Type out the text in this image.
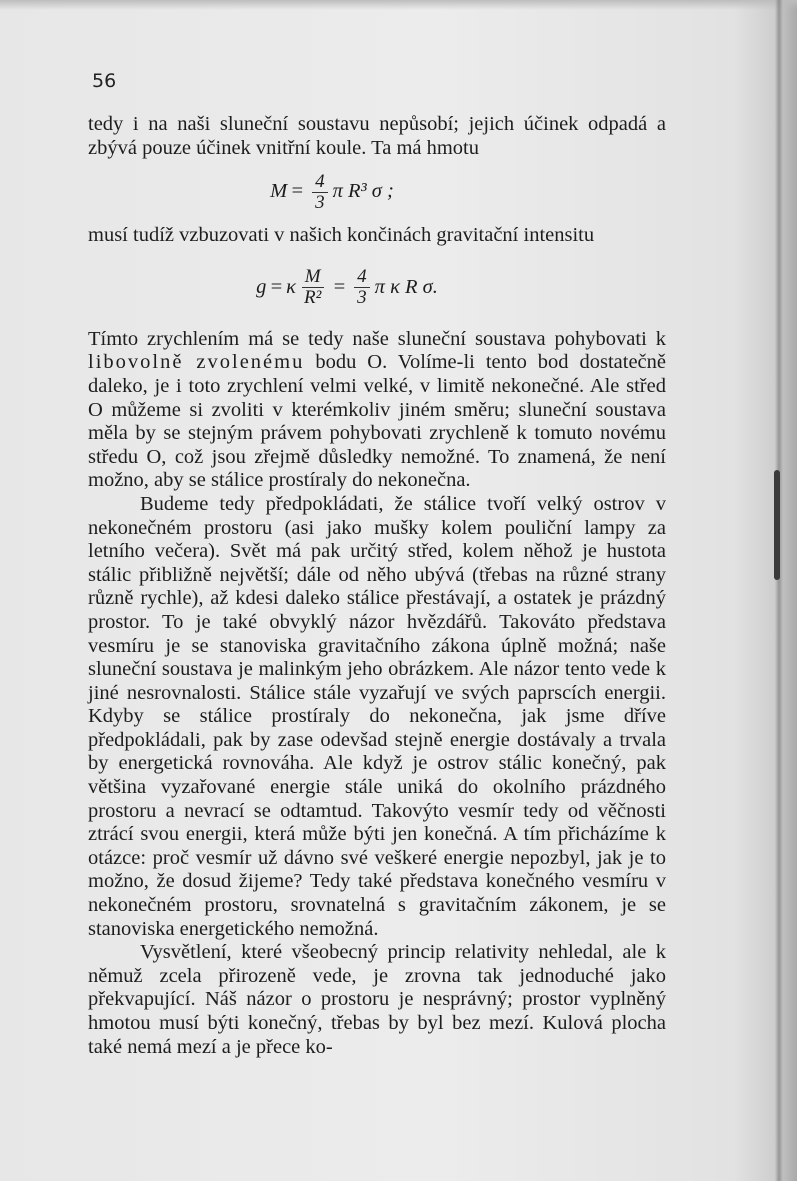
56

tedy i na naši sluneční soustavu nepůsobí; jejich účinek odpadá a zbývá pouze účinek vnitřní koule. Ta má hmotu

$M = \frac{4}{3}$ π R³ σ ;

musí tudíž vzbuzovati v našich končinách gravitační intensitu

g = κ $\frac{M}{\text{R²}} = \frac{4}{3}$ π κ R σ.

Tímto zrychlením má se tedy naše sluneční soustava pohybovati k libovolně zvolenému bodu O. Volíme-li tento bod dostatečně daleko, je i toto zrychlení velmi velké, v limitě nekonečné. Ale střed O můžeme si zvoliti v kterémkoliv jiném směru; sluneční soustava měla by se stejným právem pohybovati zrychleně k tomuto novému středu O, což jsou zřejmě důsledky nemožné. To znamená, že není možno, aby se stálice prostíraly do nekonečna.

Budeme tedy předpokládati, že stálice tvoří velký ostrov v nekonečném prostoru (asi jako mušky kolem pouliční lampy za letního večera). Svět má pak určitý střed, kolem něhož je hustota stálic přibližně největší; dále od něho ubývá (třebas na různé strany různě rychle), až kdesi daleko stálice přestávají, a ostatek je prázdný prostor. To je také obvyklý názor hvězdářů. Takováto představa vesmíru je se stanoviska gravitačního zákona úplně možná; naše sluneční soustava je malinkým jeho obrázkem. Ale názor tento vede k jiné nesrovnalosti. Stálice stále vyzařují ve svých paprscích energii. Kdyby se stálice prostíraly do nekonečna, jak jsme dříve předpokládali, pak by zase odevšad stejně energie dostávaly a trvala by energetická rovnováha. Ale když je ostrov stálic konečný, pak většina vyzařované energie stále uniká do okolního prázdného prostoru a nevrací se odtamtud. Takovýto vesmír tedy od věčnosti ztrácí svou energii, která může býti jen konečná. A tím přicházíme k otázce: proč vesmír už dávno své veškeré energie nepozbyl, jak je to možno, že dosud žijeme? Tedy také představa konečného vesmíru v nekonečném prostoru, srovnatelná s gravitačním zákonem, je se stanoviska energetického nemožná.

Vysvětlení, které všeobecný princip relativity nehledal, ale k němuž zcela přirozeně vede, je zrovna tak jednoduché jako překvapující. Náš názor o prostoru je nesprávný; prostor vyplněný hmotou musí býti konečný, třebas by byl bez mezí. Kulová plocha také nemá mezí a je přece ko-
